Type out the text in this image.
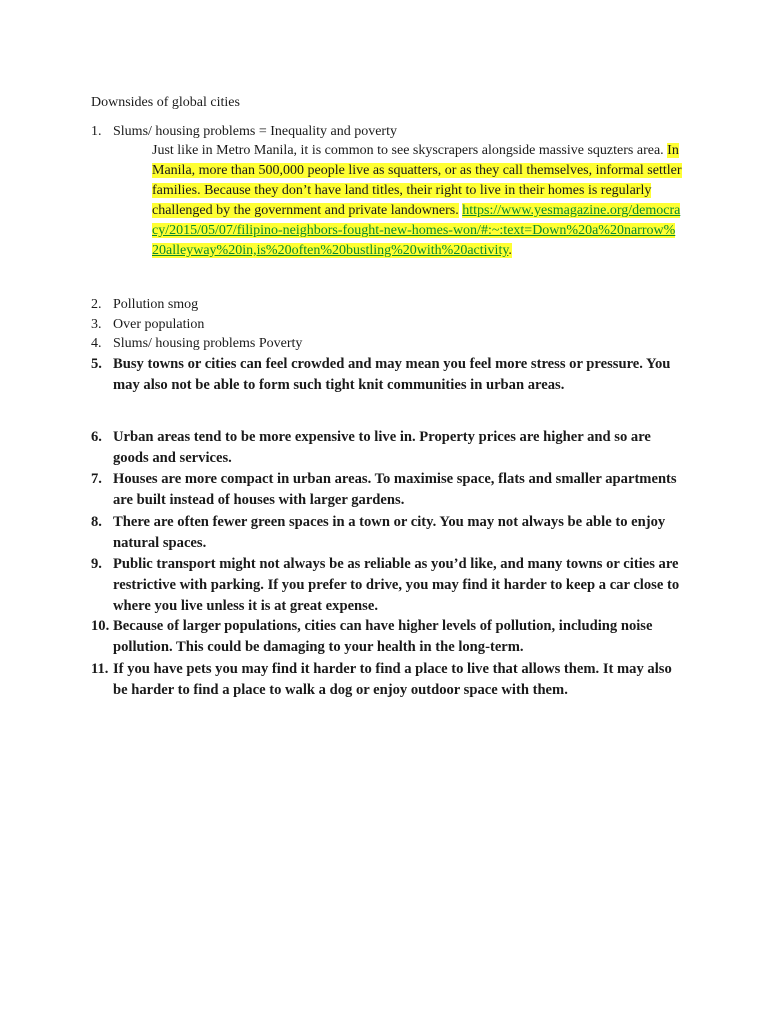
Downsides of global cities
1. Slums/ housing problems = Inequality and poverty
Just like in Metro Manila, it is common to see skyscrapers alongside massive squzters area. In Manila, more than 500,000 people live as squatters, or as they call themselves, informal settler families. Because they don’t have land titles, their right to live in their homes is regularly challenged by the government and private landowners. https://www.yesmagazine.org/democracy/2015/05/07/filipino-neighbors-fought-new-homes-won/#:~:text=Down%20a%20narrow%20alleyway%20in,is%20often%20bustling%20with%20activity.
2. Pollution smog
3. Over population
4. Slums/ housing problems Poverty
5. Busy towns or cities can feel crowded and may mean you feel more stress or pressure. You may also not be able to form such tight knit communities in urban areas.
6. Urban areas tend to be more expensive to live in. Property prices are higher and so are goods and services.
7. Houses are more compact in urban areas. To maximise space, flats and smaller apartments are built instead of houses with larger gardens.
8. There are often fewer green spaces in a town or city. You may not always be able to enjoy natural spaces.
9. Public transport might not always be as reliable as you’d like, and many towns or cities are restrictive with parking. If you prefer to drive, you may find it harder to keep a car close to where you live unless it is at great expense.
10. Because of larger populations, cities can have higher levels of pollution, including noise pollution. This could be damaging to your health in the long-term.
11. If you have pets you may find it harder to find a place to live that allows them. It may also be harder to find a place to walk a dog or enjoy outdoor space with them.
